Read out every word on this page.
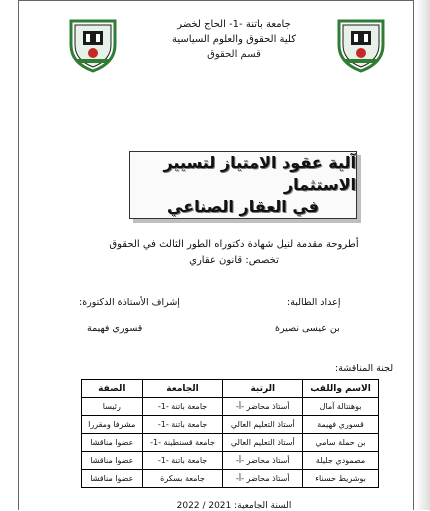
جامعة باتنة -1- الحاج لخضر
كلية الحقوق والعلوم السياسية
قسم الحقوق
آلية عقود الامتياز لتسيير الاستثمار
في العقار الصناعي
أطروحة مقدمة لنيل شهادة دكتوراه الطور الثالث في الحقوق
تخصص: قانون عقاري
إعداد الطالبة:
بن عيسى نصيرة
إشراف الأستاذة الدكتورة:
قسوري فهيمة
لجنة المناقشة:
الاسم واللقب	الرتبة	الجامعة	الصفة
بوهنتالة آمال	أستاذ محاضر -أ-	جامعة باتنة -1-	رئيسا
قسوري فهيمة	أستاذ التعليم العالي	جامعة باتنة -1-	مشرفا ومقررا
بن حملة سامي	أستاذ التعليم العالي	جامعة قسنطينة -1-	عضوا مناقشا
مصمودي جليلة	أستاذ محاضر -أ-	جامعة باتنة -1-	عضوا مناقشا
بوشريط حسناء	أستاذ محاضر -أ-	جامعة بسكرة	عضوا مناقشا
السنة الجامعية: 2021 / 2022
